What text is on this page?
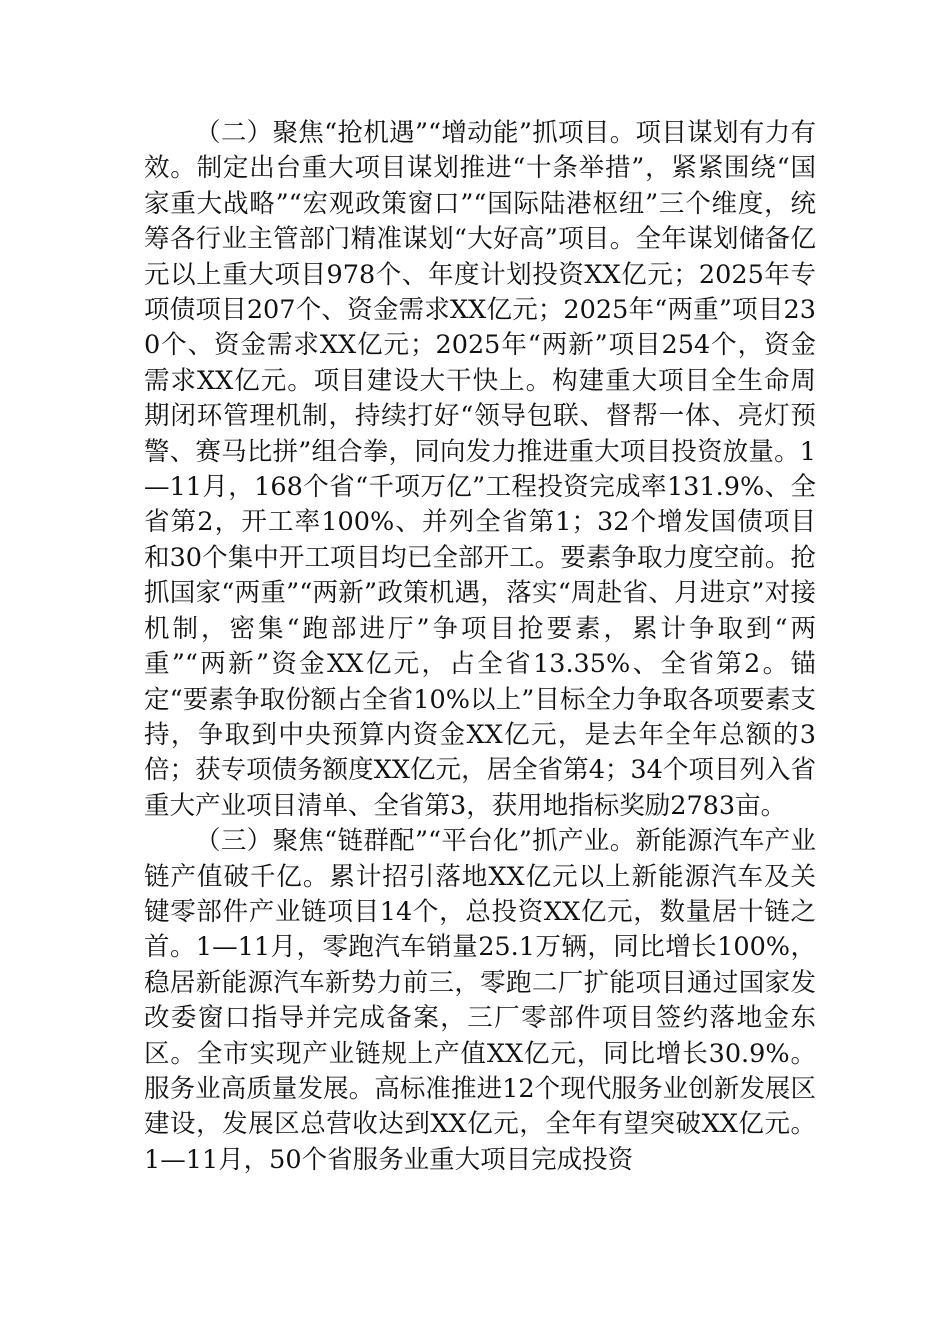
（二）聚焦“抢机遇”“增动能”抓项目。项目谋划有力有效。制定出台重大项目谋划推进“十条举措”，紧紧围绕“国家重大战略”“宏观政策窗口”“国际陆港枢纽”三个维度，统筹各行业主管部门精准谋划“大好高”项目。全年谋划储备亿元以上重大项目978个、年度计划投资XX亿元；2025年专项债项目207个、资金需求XX亿元；2025年“两重”项目230个、资金需求XX亿元；2025年“两新”项目254个，资金需求XX亿元。项目建设大干快上。构建重大项目全生命周期闭环管理机制，持续打好“领导包联、督帮一体、亮灯预警、赛马比拼”组合拳，同向发力推进重大项目投资放量。1—11月，168个省“千项万亿”工程投资完成率131.9%、全省第2，开工率100%、并列全省第1；32个增发国债项目和30个集中开工项目均已全部开工。要素争取力度空前。抢抓国家“两重”“两新”政策机遇，落实“周赴省、月进京”对接机制，密集“跑部进厅”争项目抢要素，累计争取到“两重”“两新”资金XX亿元，占全省13.35%、全省第2。锚定“要素争取份额占全省10%以上”目标全力争取各项要素支持，争取到中央预算内资金XX亿元，是去年全年总额的3倍；获专项债务额度XX亿元，居全省第4；34个项目列入省重大产业项目清单、全省第3，获用地指标奖励2783亩。

（三）聚焦“链群配”“平台化”抓产业。新能源汽车产业链产值破千亿。累计招引落地XX亿元以上新能源汽车及关键零部件产业链项目14个，总投资XX亿元，数量居十链之首。1—11月，零跑汽车销量25.1万辆，同比增长100%，稳居新能源汽车新势力前三，零跑二厂扩能项目通过国家发改委窗口指导并完成备案，三厂零部件项目签约落地金东区。全市实现产业链规上产值XX亿元，同比增长30.9%。服务业高质量发展。高标准推进12个现代服务业创新发展区建设，发展区总营收达到XX亿元，全年有望突破XX亿元。1—11月，50个省服务业重大项目完成投资
